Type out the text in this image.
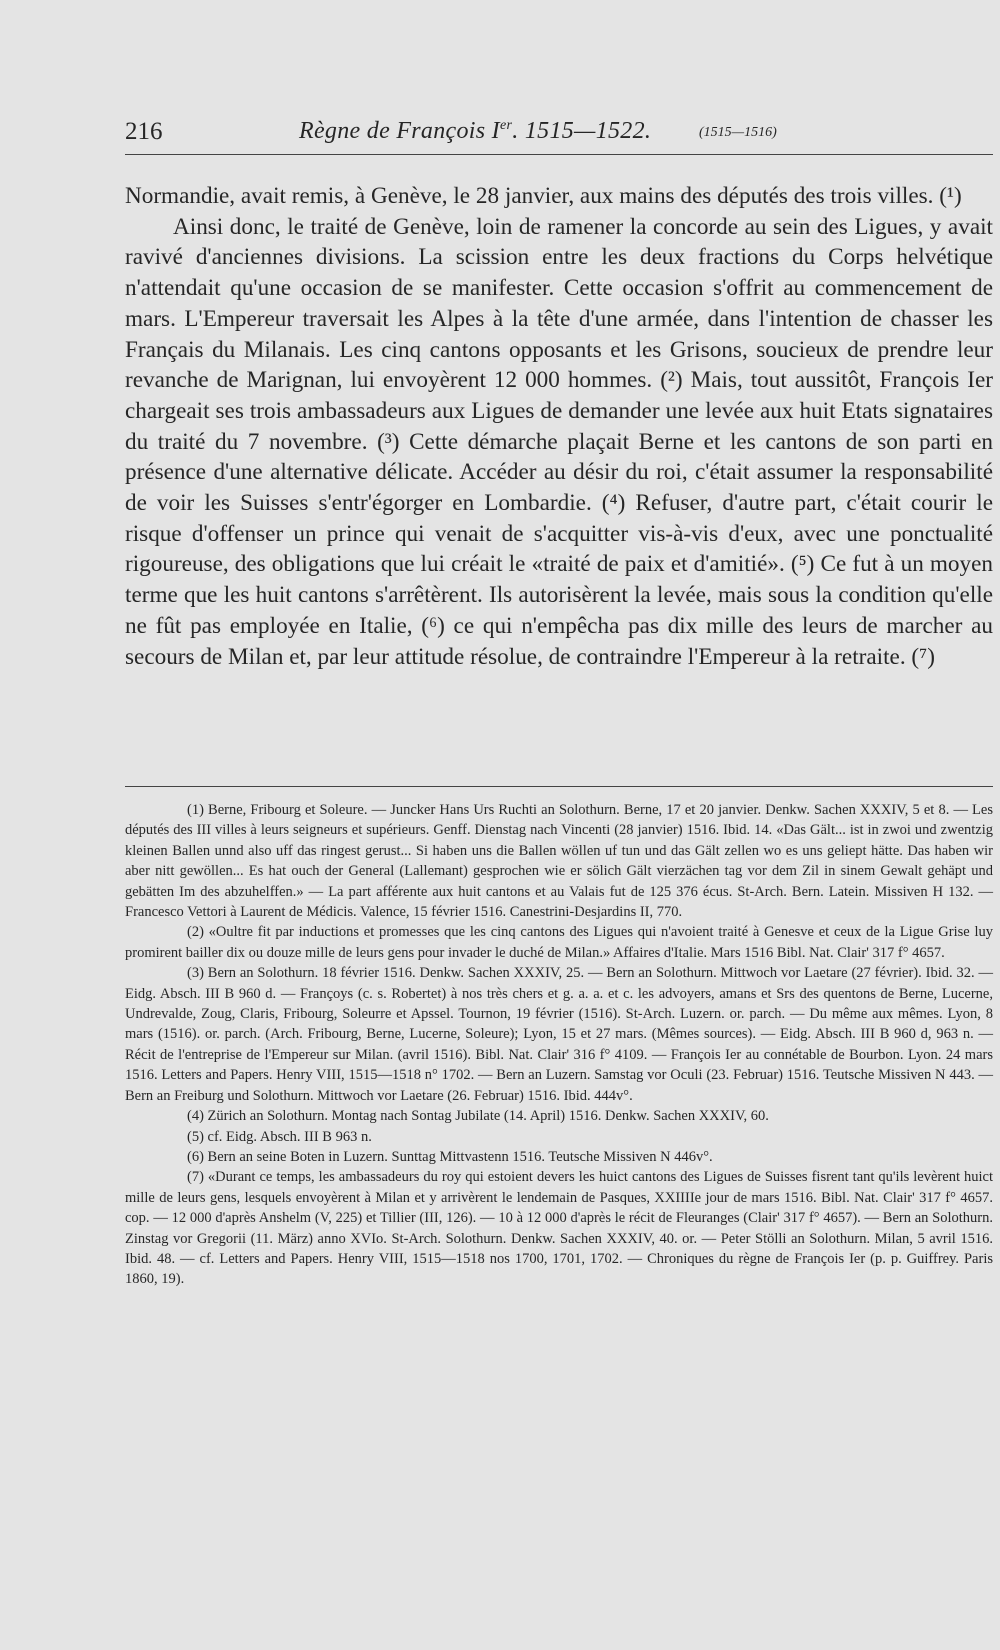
216	Règne de François Ier. 1515—1522.	(1515—1516)

Normandie, avait remis, à Genève, le 28 janvier, aux mains des députés des trois villes. (¹)

Ainsi donc, le traité de Genève, loin de ramener la concorde au sein des Ligues, y avait ravivé d'anciennes divisions. La scission entre les deux fractions du Corps helvétique n'attendait qu'une occasion de se manifester. Cette occasion s'offrit au commencement de mars. L'Empereur traversait les Alpes à la tête d'une armée, dans l'intention de chasser les Français du Milanais. Les cinq cantons opposants et les Grisons, soucieux de prendre leur revanche de Marignan, lui envoyèrent 12 000 hommes. (²) Mais, tout aussitôt, François Ier chargeait ses trois ambassadeurs aux Ligues de demander une levée aux huit Etats signataires du traité du 7 novembre. (³) Cette démarche plaçait Berne et les cantons de son parti en présence d'une alternative délicate. Accéder au désir du roi, c'était assumer la responsabilité de voir les Suisses s'entr'égorger en Lombardie. (⁴) Refuser, d'autre part, c'était courir le risque d'offenser un prince qui venait de s'acquitter vis-à-vis d'eux, avec une ponctualité rigoureuse, des obligations que lui créait le «traité de paix et d'amitié». (⁵) Ce fut à un moyen terme que les huit cantons s'arrêtèrent. Ils autorisèrent la levée, mais sous la condition qu'elle ne fût pas employée en Italie, (⁶) ce qui n'empêcha pas dix mille des leurs de marcher au secours de Milan et, par leur attitude résolue, de contraindre l'Empereur à la retraite. (⁷)

(1) Berne, Fribourg et Soleure. — Juncker Hans Urs Ruchti an Solothurn. Berne, 17 et 20 janvier. Denkw. Sachen XXXIV, 5 et 8. — Les députés des III villes à leurs seigneurs et supérieurs. Genff. Dienstag nach Vincenti (28 janvier) 1516. Ibid. 14. «Das Gält... ist in zwoi und zwentzig kleinen Ballen unnd also uff das ringest gerust... Si haben uns die Ballen wöllen uf tun und das Gält zellen wo es uns geliept hätte. Das haben wir aber nitt gewöllen... Es hat ouch der General (Lallemant) gesprochen wie er sölich Gält vierzächen tag vor dem Zil in sinem Gewalt gehäpt und gebätten Im des abzuhelffen.» — La part afférente aux huit cantons et au Valais fut de 125 376 écus. St-Arch. Bern. Latein. Missiven H 132. — Francesco Vettori à Laurent de Médicis. Valence, 15 février 1516. Canestrini-Desjardins II, 770.

(2) «Oultre fit par inductions et promesses que les cinq cantons des Ligues qui n'avoient traité à Genesve et ceux de la Ligue Grise luy promirent bailler dix ou douze mille de leurs gens pour invader le duché de Milan.» Affaires d'Italie. Mars 1516 Bibl. Nat. Clair' 317 f° 4657.

(3) Bern an Solothurn. 18 février 1516. Denkw. Sachen XXXIV, 25. — Bern an Solothurn. Mittwoch vor Laetare (27 février). Ibid. 32. — Eidg. Absch. III B 960 d. — Françoys (c. s. Robertet) à nos très chers et g. a. a. et c. les advoyers, amans et Srs des quentons de Berne, Lucerne, Undrevalde, Zoug, Claris, Fribourg, Soleurre et Apssel. Tournon, 19 février (1516). St-Arch. Luzern. or. parch. — Du même aux mêmes. Lyon, 8 mars (1516). or. parch. (Arch. Fribourg, Berne, Lucerne, Soleure); Lyon, 15 et 27 mars. (Mêmes sources). — Eidg. Absch. III B 960 d, 963 n. — Récit de l'entreprise de l'Empereur sur Milan. (avril 1516). Bibl. Nat. Clair' 316 f° 4109. — François Ier au connétable de Bourbon. Lyon. 24 mars 1516. Letters and Papers. Henry VIII, 1515—1518 n° 1702. — Bern an Luzern. Samstag vor Oculi (23. Februar) 1516. Teutsche Missiven N 443. — Bern an Freiburg und Solothurn. Mittwoch vor Laetare (26. Februar) 1516. Ibid. 444v°.

(4) Zürich an Solothurn. Montag nach Sontag Jubilate (14. April) 1516. Denkw. Sachen XXXIV, 60.

(5) cf. Eidg. Absch. III B 963 n.

(6) Bern an seine Boten in Luzern. Sunttag Mittvastenn 1516. Teutsche Missiven N 446v°.

(7) «Durant ce temps, les ambassadeurs du roy qui estoient devers les huict cantons des Ligues de Suisses fisrent tant qu'ils levèrent huict mille de leurs gens, lesquels envoyèrent à Milan et y arrivèrent le lendemain de Pasques, XXIIIIe jour de mars 1516. Bibl. Nat. Clair' 317 f° 4657. cop. — 12 000 d'après Anshelm (V, 225) et Tillier (III, 126). — 10 à 12 000 d'après le récit de Fleuranges (Clair' 317 f° 4657). — Bern an Solothurn. Zinstag vor Gregorii (11. März) anno XVIo. St-Arch. Solothurn. Denkw. Sachen XXXIV, 40. or. — Peter Stölli an Solothurn. Milan, 5 avril 1516. Ibid. 48. — cf. Letters and Papers. Henry VIII, 1515—1518 nos 1700, 1701, 1702. — Chroniques du règne de François Ier (p. p. Guiffrey. Paris 1860, 19).
